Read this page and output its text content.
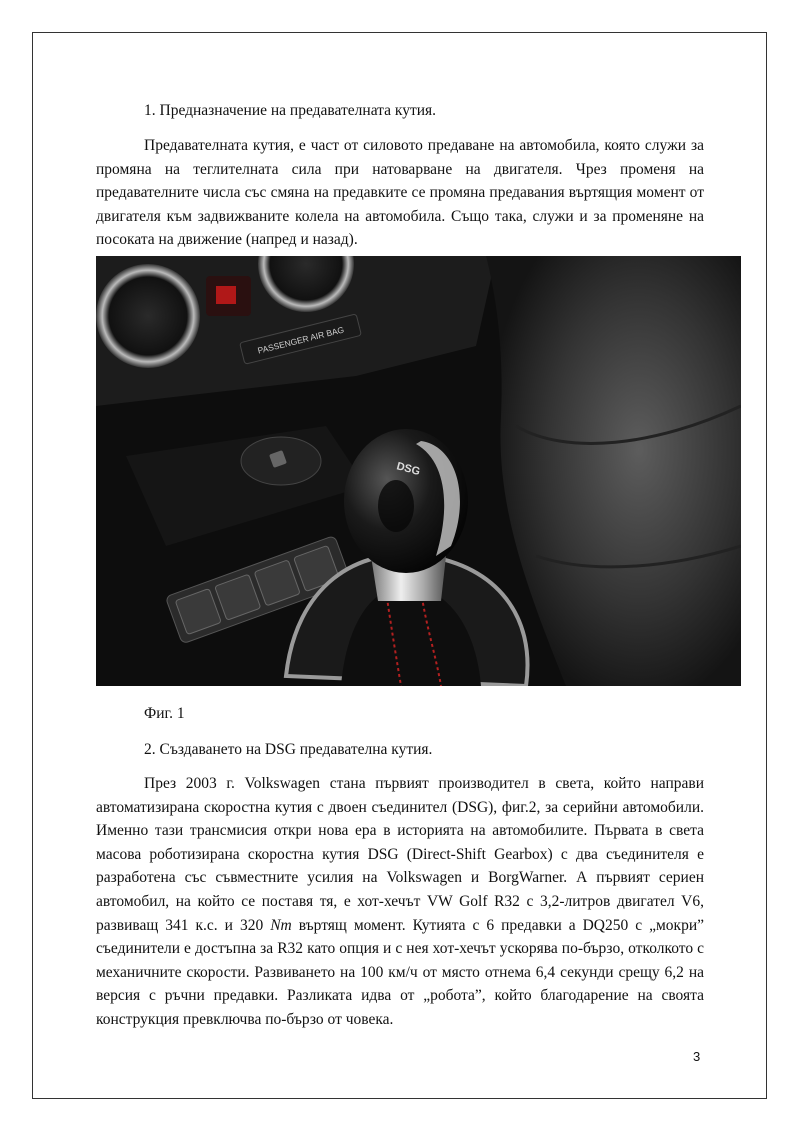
1. Предназначение на предавателната кутия.

Предавателната кутия, е част от силовото предаване на автомобила, която служи за промяна на теглителната сила при натоварване на двигателя. Чрез променя на предавателните числа със смяна на предавките се промяна предавания въртящия момент от двигателя към задвижваните колела на автомобила. Също така, служи и за променяне на посоката на движение (напред и назад).

PASSENGER AIR BAG
DSG

Фиг. 1

2. Създаването на DSG предавателна кутия.

През 2003 г. Volkswagen стана първият производител в света, който направи автоматизирана скоростна кутия с двоен съединител (DSG), фиг.2, за серийни автомобили. Именно тази трансмисия откри нова ера в историята на автомобилите. Първата в света масова роботизирана скоростна кутия DSG (Direct-Shift Gearbox) с два съединителя е разработена със съвместните усилия на Volkswagen и BorgWarner. А първият сериен автомобил, на който се поставя тя, е хот-хечът VW Golf R32 с 3,2-литров двигател V6, развиващ 341 к.с. и 320 Nm въртящ момент. Кутията с 6 предавки а DQ250 с „мокри” съединители е достъпна за R32 като опция и с нея хот-хечът ускорява по-бързо, отколкото с механичните скорости. Развиването на 100 км/ч от място отнема 6,4 секунди срещу 6,2 на версия с ръчни предавки. Разликата идва от „робота”, който благодарение на своята конструкция превключва по-бързо от човека.

3
